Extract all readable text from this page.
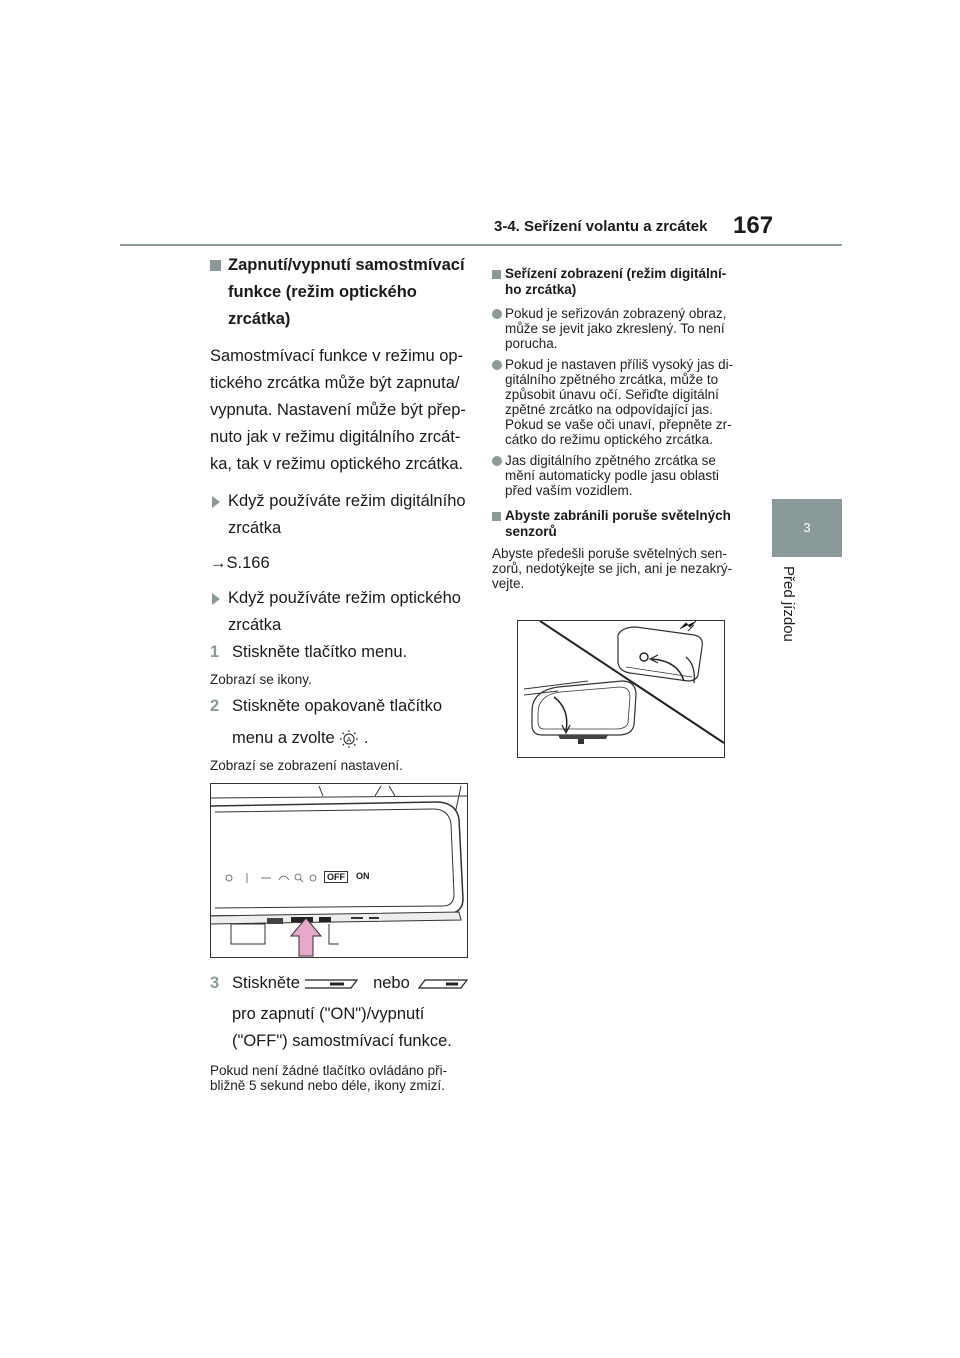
3-4. Seřízení volantu a zrcátek 167
3
Před jízdou
Zapnutí/vypnutí samostmívací
funkce (režim optického zrcátka)

Samostmívací funkce v režimu op-

tického zrcátka může být zapnuta/

vypnuta. Nastavení může být přep-

nuto jak v režimu digitálního zrcát-

ka, tak v režimu optického zrcátka.

Když používáte režim digitálního
zrcátka

→S.166

Když používáte režim optického
zrcátka
1 Stiskněte tlačítko menu.

Zobrazí se ikony.

2 Stiskněte opakovaně tlačítko
menu a zvolte A .

Zobrazí se zobrazení nastavení.

OFF	ON
3 Stiskněte	nebo
pro zapnutí ("ON")/vypnutí
("OFF") samostmívací funkce.

Pokud není žádné tlačítko ovládáno při-

bližně 5 sekund nebo déle, ikony zmizí.

Seřízení zobrazení (režim digitální-
ho zrcátka)
Pokud je seřizován zobrazený obraz,
může se jevit jako zkreslený. To není
porucha.
Pokud je nastaven příliš vysoký jas di-
gitálního zpětného zrcátka, může to
způsobit únavu očí. Seřiďte digitální
zpětné zrcátko na odpovídající jas.
Pokud se vaše oči unaví, přepněte zr-
cátko do režimu optického zrcátka.
Jas digitálního zpětného zrcátka se
mění automaticky podle jasu oblasti
před vaším vozidlem.
Abyste zabránili poruše světelných
senzorů

Abyste předešli poruše světelných sen-

zorů, nedotýkejte se jich, ani je nezakrý-

vejte.
